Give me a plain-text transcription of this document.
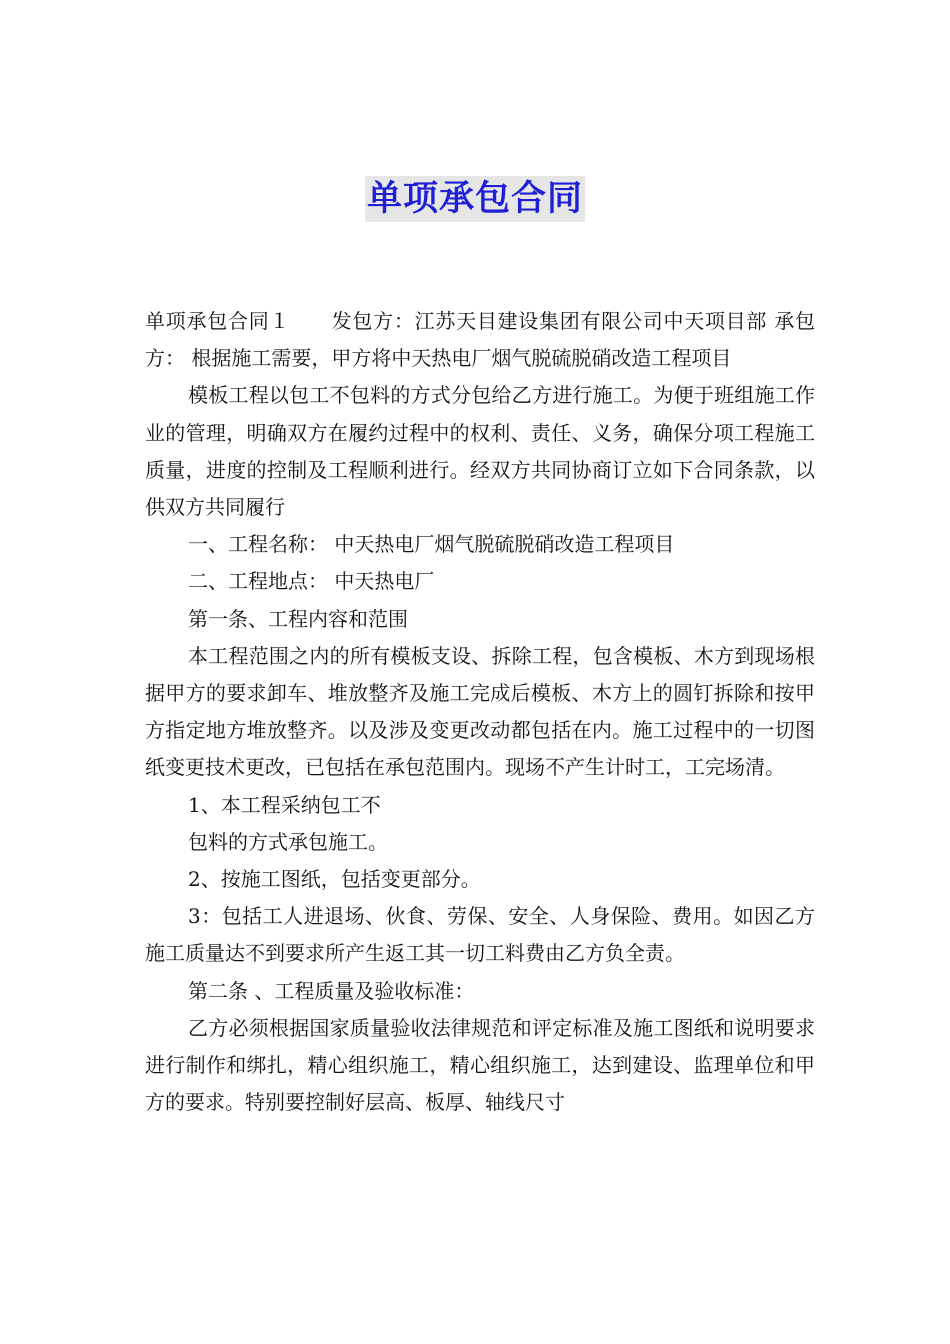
单项承包合同

单项承包合同１　　发包方：江苏天目建设集团有限公司中天项目部 承包方： 根据施工需要，甲方将中天热电厂烟气脱硫脱硝改造工程项目

模板工程以包工不包料的方式分包给乙方进行施工。为便于班组施工作业的管理，明确双方在履约过程中的权利、责任、义务，确保分项工程施工质量，进度的控制及工程顺利进行。经双方共同协商订立如下合同条款，以供双方共同履行

一、工程名称： 中天热电厂烟气脱硫脱硝改造工程项目

二、工程地点： 中天热电厂

第一条、工程内容和范围

本工程范围之内的所有模板支设、拆除工程，包含模板、木方到现场根据甲方的要求卸车、堆放整齐及施工完成后模板、木方上的圆钉拆除和按甲方指定地方堆放整齐。以及涉及变更改动都包括在内。施工过程中的一切图纸变更技术更改，已包括在承包范围内。现场不产生计时工，工完场清。

1、本工程采纳包工不

包料的方式承包施工。

2、按施工图纸，包括变更部分。

3：包括工人进退场、伙食、劳保、安全、人身保险、费用。如因乙方施工质量达不到要求所产生返工其一切工料费由乙方负全责。

第二条 、工程质量及验收标准：

乙方必须根据国家质量验收法律规范和评定标准及施工图纸和说明要求进行制作和绑扎，精心组织施工，精心组织施工，达到建设、监理单位和甲方的要求。特别要控制好层高、板厚、轴线尺寸
